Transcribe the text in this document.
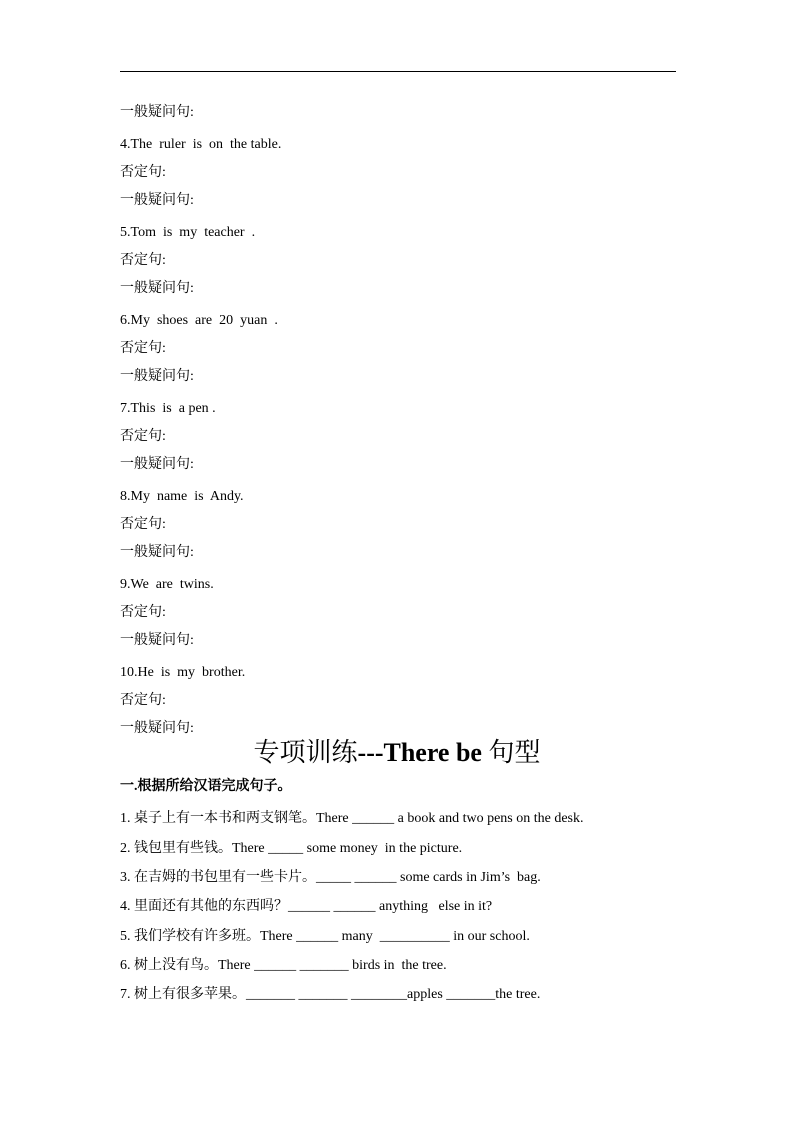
一般疑问句:
4.The  ruler  is  on  the table.
否定句:
一般疑问句:
5.Tom  is  my  teacher  .
否定句:
一般疑问句:
6.My  shoes  are  20  yuan  .
否定句:
一般疑问句:
7.This  is  a pen .
否定句:
一般疑问句:
8.My  name  is  Andy.
否定句:
一般疑问句:
9.We  are  twins.
否定句:
一般疑问句:
10.He  is  my  brother.
否定句:
一般疑问句:
专项训练---There be 句型
一.根据所给汉语完成句子。
1. 桌子上有一本书和两支钢笔。There ______ a book and two pens on the desk.
2. 钱包里有些钱。There _____ some money  in the picture.
3. 在吉姆的书包里有一些卡片。_____ ______ some cards in Jim’s  bag.
4. 里面还有其他的东西吗？______ ______ anything   else in it?
5. 我们学校有许多班。There ______ many  __________ in our school.
6. 树上没有鸟。There ______ _______ birds in  the tree.
7. 树上有很多苹果。_______ _______ ________apples _______the tree.
